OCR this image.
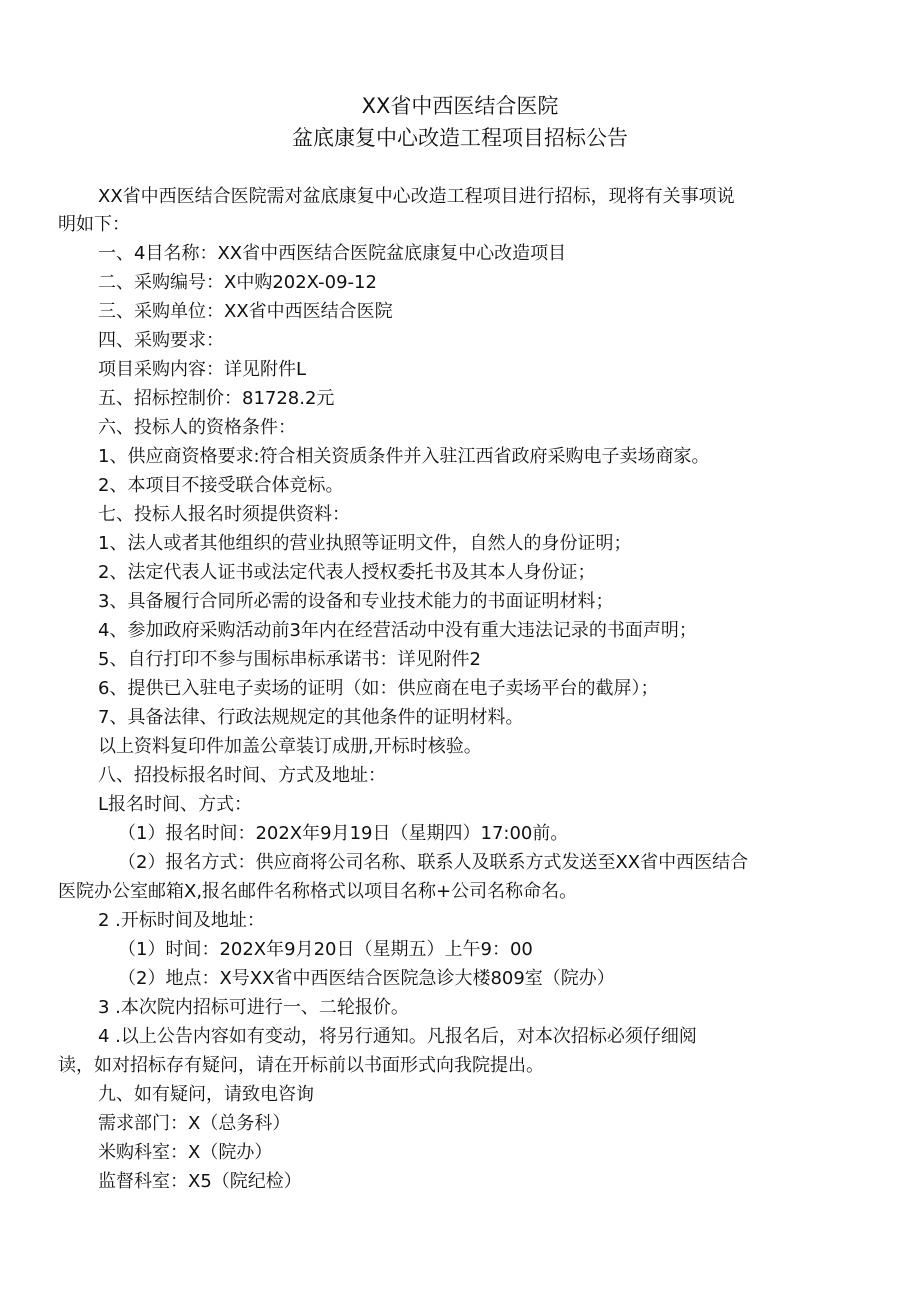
XX省中西医结合医院
盆底康复中心改造工程项目招标公告
XX省中西医结合医院需对盆底康复中心改造工程项目进行招标，现将有关事项说
明如下：
一、4目名称：XX省中西医结合医院盆底康复中心改造项目
二、采购编号：X中购202X-09-12
三、采购单位：XX省中西医结合医院
四、采购要求：
项目采购内容：详见附件L
五、招标控制价：81728.2元
六、投标人的资格条件：
1、供应商资格要求:符合相关资质条件并入驻江西省政府采购电子卖场商家。
2、本项目不接受联合体竞标。
七、投标人报名时须提供资料：
1、法人或者其他组织的营业执照等证明文件，自然人的身份证明；
2、法定代表人证书或法定代表人授权委托书及其本人身份证；
3、具备履行合同所必需的设备和专业技术能力的书面证明材料；
4、参加政府采购活动前3年内在经营活动中没有重大违法记录的书面声明；
5、自行打印不参与围标串标承诺书：详见附件2
6、提供已入驻电子卖场的证明（如：供应商在电子卖场平台的截屏）；
7、具备法律、行政法规规定的其他条件的证明材料。
以上资料复印件加盖公章装订成册,开标时核验。
八、招投标报名时间、方式及地址：
L报名时间、方式：
（1）报名时间：202X年9月19日（星期四）17:00前。
（2）报名方式：供应商将公司名称、联系人及联系方式发送至XX省中西医结合
医院办公室邮箱X,报名邮件名称格式以项目名称+公司名称命名。
2 .开标时间及地址：
（1）时间：202X年9月20日（星期五）上午9：00
（2）地点：X号XX省中西医结合医院急诊大楼809室（院办）
3 .本次院内招标可进行一、二轮报价。
4 .以上公告内容如有变动，将另行通知。凡报名后，对本次招标必须仔细阅
读，如对招标存有疑问，请在开标前以书面形式向我院提出。
九、如有疑问，请致电咨询
需求部门：X（总务科）
米购科室：X（院办）
监督科室：X5（院纪检）
